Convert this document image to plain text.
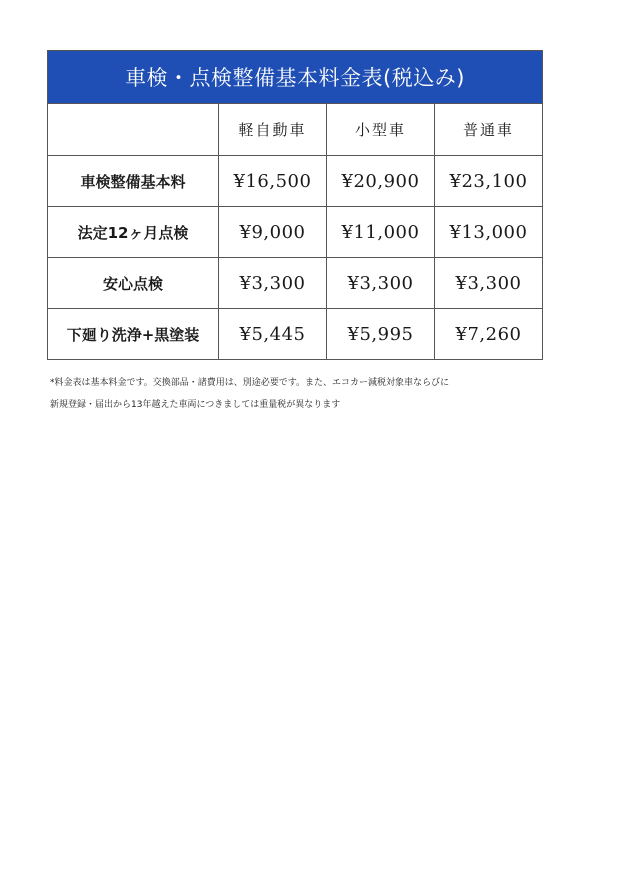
車検・点検整備基本料金表(税込み)			
	軽自動車	小型車	普通車
車検整備基本料	¥16,500	¥20,900	¥23,100
法定12ヶ月点検	¥9,000	¥11,000	¥13,000
安心点検	¥3,300	¥3,300	¥3,300
下廻り洗浄+黒塗装	¥5,445	¥5,995	¥7,260

*料金表は基本料金です。交換部品・諸費用は、別途必要です。また、エコカー減税対象車ならびに
新規登録・届出から13年越えた車両につきましては重量税が異なります
